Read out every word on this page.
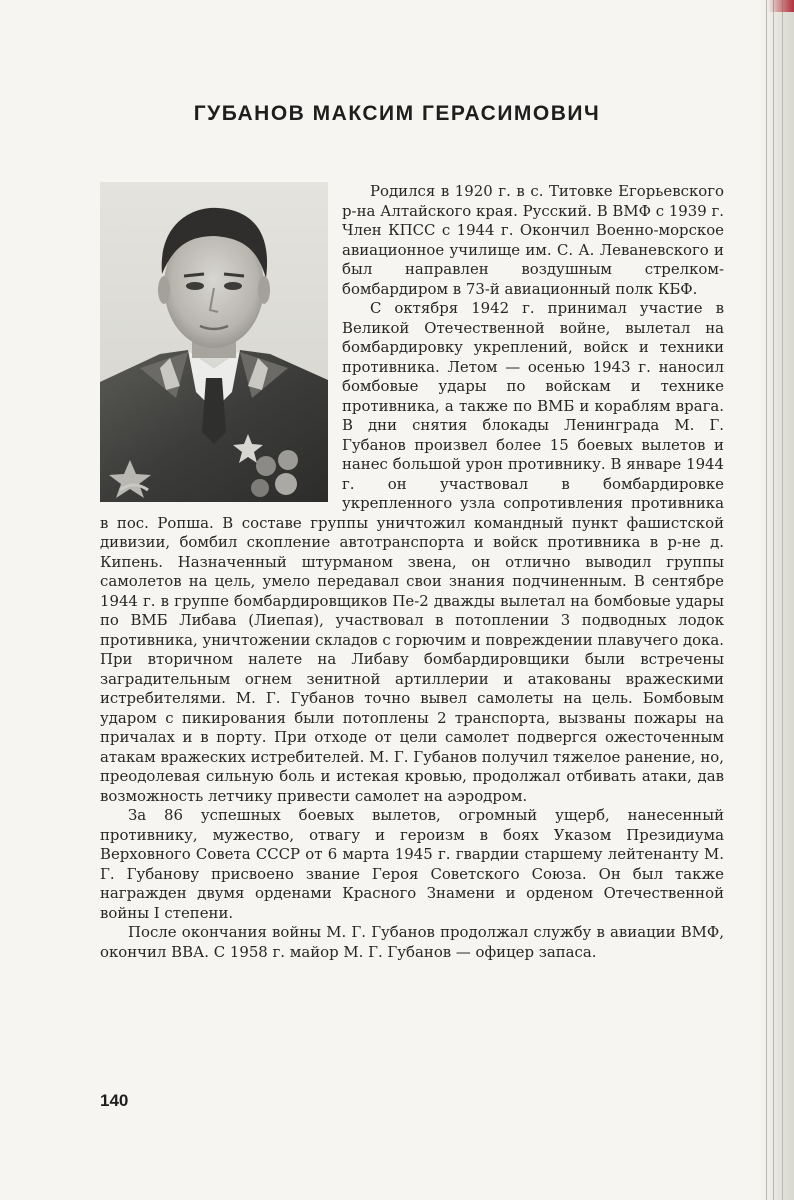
ГУБАНОВ МАКСИМ ГЕРАСИМОВИЧ

Родился в 1920 г. в с. Титовке Егорьевского р-на Алтайского края. Русский. В ВМФ с 1939 г. Член КПСС с 1944 г. Окончил Военно-морское авиационное училище им. С. А. Леваневского и был направлен воздушным стрелком-бомбардиром в 73-й авиационный полк КБФ.

С октября 1942 г. принимал участие в Великой Отечественной войне, вылетал на бомбардировку укреплений, войск и техники противника. Летом — осенью 1943 г. наносил бомбовые удары по войскам и технике противника, а также по ВМБ и кораблям врага. В дни снятия блокады Ленинграда М. Г. Губанов произвел более 15 боевых вылетов и нанес большой урон противнику. В январе 1944 г. он участвовал в бомбардировке укрепленного узла сопротивления противника в пос. Ропша. В составе группы уничтожил командный пункт фашистской дивизии, бомбил скопление автотранспорта и войск противника в р-не д. Кипень. Назначенный штурманом звена, он отлично выводил группы самолетов на цель, умело передавал свои знания подчиненным. В сентябре 1944 г. в группе бомбардировщиков Пе-2 дважды вылетал на бомбовые удары по ВМБ Либава (Лиепая), участвовал в потоплении 3 подводных лодок противника, уничтожении складов с горючим и повреждении плавучего дока. При вторичном налете на Либаву бомбардировщики были встречены заградительным огнем зенитной артиллерии и атакованы вражескими истребителями. М. Г. Губанов точно вывел самолеты на цель. Бомбовым ударом с пикирования были потоплены 2 транспорта, вызваны пожары на причалах и в порту. При отходе от цели самолет подвергся ожесточенным атакам вражеских истребителей. М. Г. Губанов получил тяжелое ранение, но, преодолевая сильную боль и истекая кровью, продолжал отбивать атаки, дав возможность летчику привести самолет на аэродром.

За 86 успешных боевых вылетов, огромный ущерб, нанесенный противнику, мужество, отвагу и героизм в боях Указом Президиума Верховного Совета СССР от 6 марта 1945 г. гвардии старшему лейтенанту М. Г. Губанову присвоено звание Героя Советского Союза. Он был также награжден двумя орденами Красного Знамени и орденом Отечественной войны I степени.

После окончания войны М. Г. Губанов продолжал службу в авиации ВМФ, окончил ВВА. С 1958 г. майор М. Г. Губанов — офицер запаса.

140
